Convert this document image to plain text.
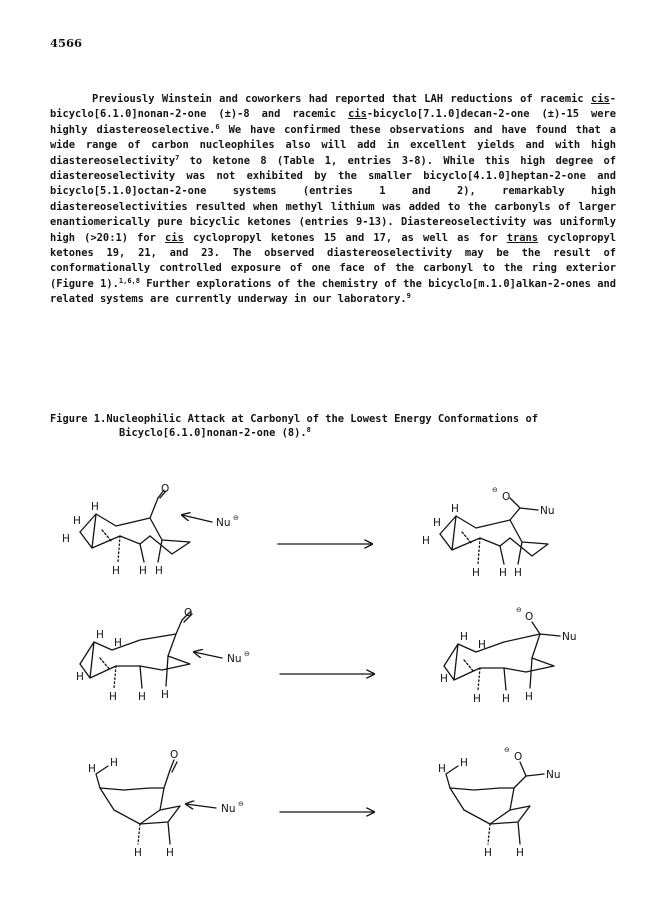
4566

Previously Winstein and coworkers had reported that LAH reductions of racemic cis- bicyclo[6.1.0]nonan-2-one (±)-8 and racemic cis-bicyclo[7.1.0]decan-2-one (±)-15 were highly diastereoselective.$^6$ We have confirmed these observations and have found that a wide range of carbon nucleophiles also will add in excellent yields and with high diastereoselectivity$^7$ to ketone 8 (Table 1, entries 3-8). While this high degree of diastereoselectivity was not exhibited by the smaller bicyclo[4.1.0]heptan-2-one and bicyclo[5.1.0]octan-2-one systems (entries 1 and 2), remarkably high diastereoselectivities resulted when methyl lithium was added to the carbonyls of larger enantiomerically pure bicyclic ketones (entries 9-13). Diastereoselectivity was uniformly high (>20:1) for cis cyclopropyl ketones 15 and 17, as well as for trans cyclopropyl ketones 19, 21, and 23. The observed diastereoselectivity may be the result of conformationally controlled exposure of one face of the carbonyl to the ring exterior (Figure 1).$^{1,6,8}$ Further explorations of the chemistry of the bicyclo[m.1.0]alkan-2-ones and related systems are currently underway in our laboratory.$^9$

Figure 1.Nucleophilic Attack at Carbonyl of the Lowest Energy Conformations of
Bicyclo[6.1.0]nonan-2-one (8).$^8$

O
H
H
H
H H H
Nu ⊖
⊖
O
Nu
H
H
H
H H H
O
H
H
H
H H H
Nu ⊖
⊖
O
Nu
H
H
H
H H H
O
H H
H H
Nu ⊖
⊖
O
Nu
H H
H H
